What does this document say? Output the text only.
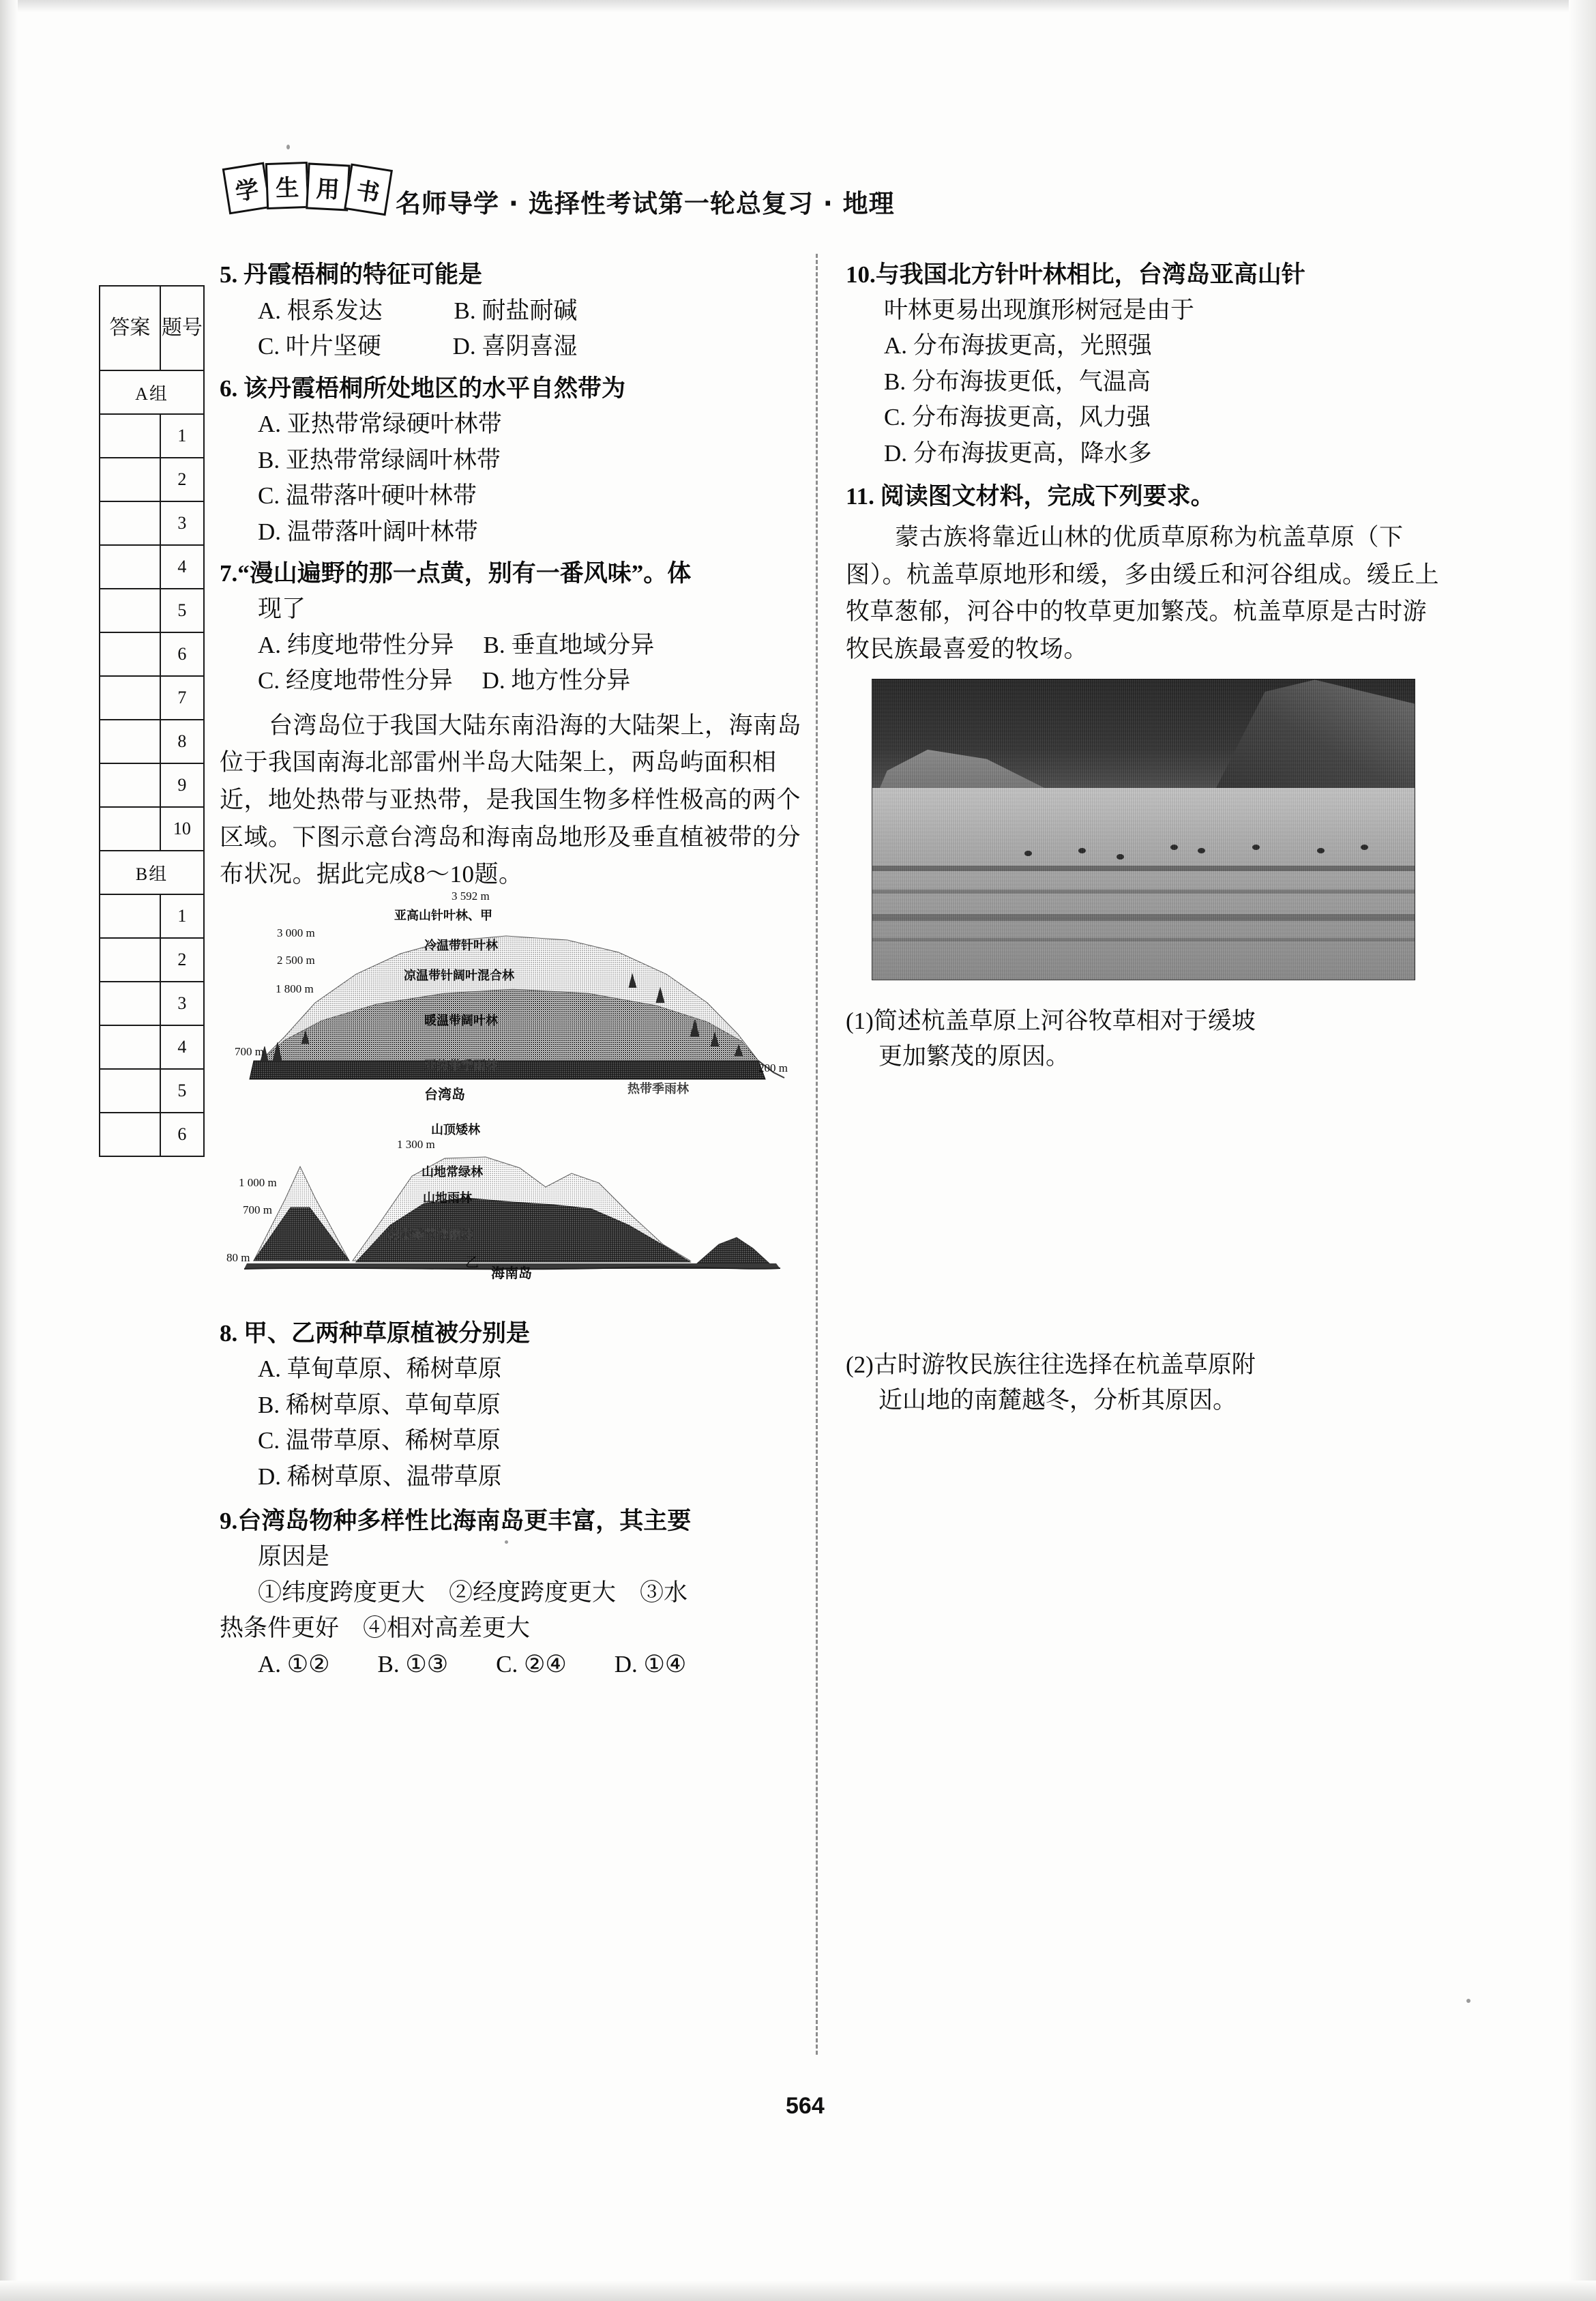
学 生 用 书 名师导学 · 选择性考试第一轮总复习 · 地理
答案	题号
A组	
	1
	2
	3
	4
	5
	6
	7
	8
	9
	10
B组	
	1
	2
	3
	4
	5
	6
5. 丹霞梧桐的特征可能是
A. 根系发达	B. 耐盐耐碱
C. 叶片坚硬	D. 喜阴喜湿
6. 该丹霞梧桐所处地区的水平自然带为
A. 亚热带常绿硬叶林带
B. 亚热带常绿阔叶林带
C. 温带落叶硬叶林带
D. 温带落叶阔叶林带
7.“漫山遍野的那一点黄，别有一番风味”。体
现了
A. 纬度地带性分异 B. 垂直地域分异
C. 经度地带性分异 D. 地方性分异
台湾岛位于我国大陆东南沿海的大陆架上，海南岛位于我国南海北部雷州半岛大陆架上，两岛屿面积相近，地处热带与亚热带，是我国生物多样性极高的两个区域。下图示意台湾岛和海南岛地形及垂直植被带的分布状况。据此完成8～10题。
3 592 m
3 000 m
2 500 m
1 800 m
700 m
200 m
亚高山针叶林、甲
冷温带针叶林
凉温带针阔叶混合林
暖温带阔叶林
亚热带季雨林
热带季雨林
台湾岛
1 300 m
1 000 m
700 m
80 m
山顶矮林
山地常绿林
山地雨林
热带季节性雨林
乙
海南岛
8. 甲、乙两种草原植被分别是
A. 草甸草原、稀树草原
B. 稀树草原、草甸草原
C. 温带草原、稀树草原
D. 稀树草原、温带草原
9.台湾岛物种多样性比海南岛更丰富，其主要
原因是
①纬度跨度更大　②经度跨度更大　③水
热条件更好　④相对高差更大
A. ①②　　B. ①③　　C. ②④　　D. ①④
10.与我国北方针叶林相比，台湾岛亚高山针
叶林更易出现旗形树冠是由于
A. 分布海拔更高，光照强
B. 分布海拔更低，气温高
C. 分布海拔更高，风力强
D. 分布海拔更高，降水多
11. 阅读图文材料，完成下列要求。
蒙古族将靠近山林的优质草原称为杭盖草原（下图）。杭盖草原地形和缓，多由缓丘和河谷组成。缓丘上牧草葱郁，河谷中的牧草更加繁茂。杭盖草原是古时游牧民族最喜爱的牧场。
(1)简述杭盖草原上河谷牧草相对于缓坡
更加繁茂的原因。
(2)古时游牧民族往往选择在杭盖草原附
近山地的南麓越冬，分析其原因。
564
